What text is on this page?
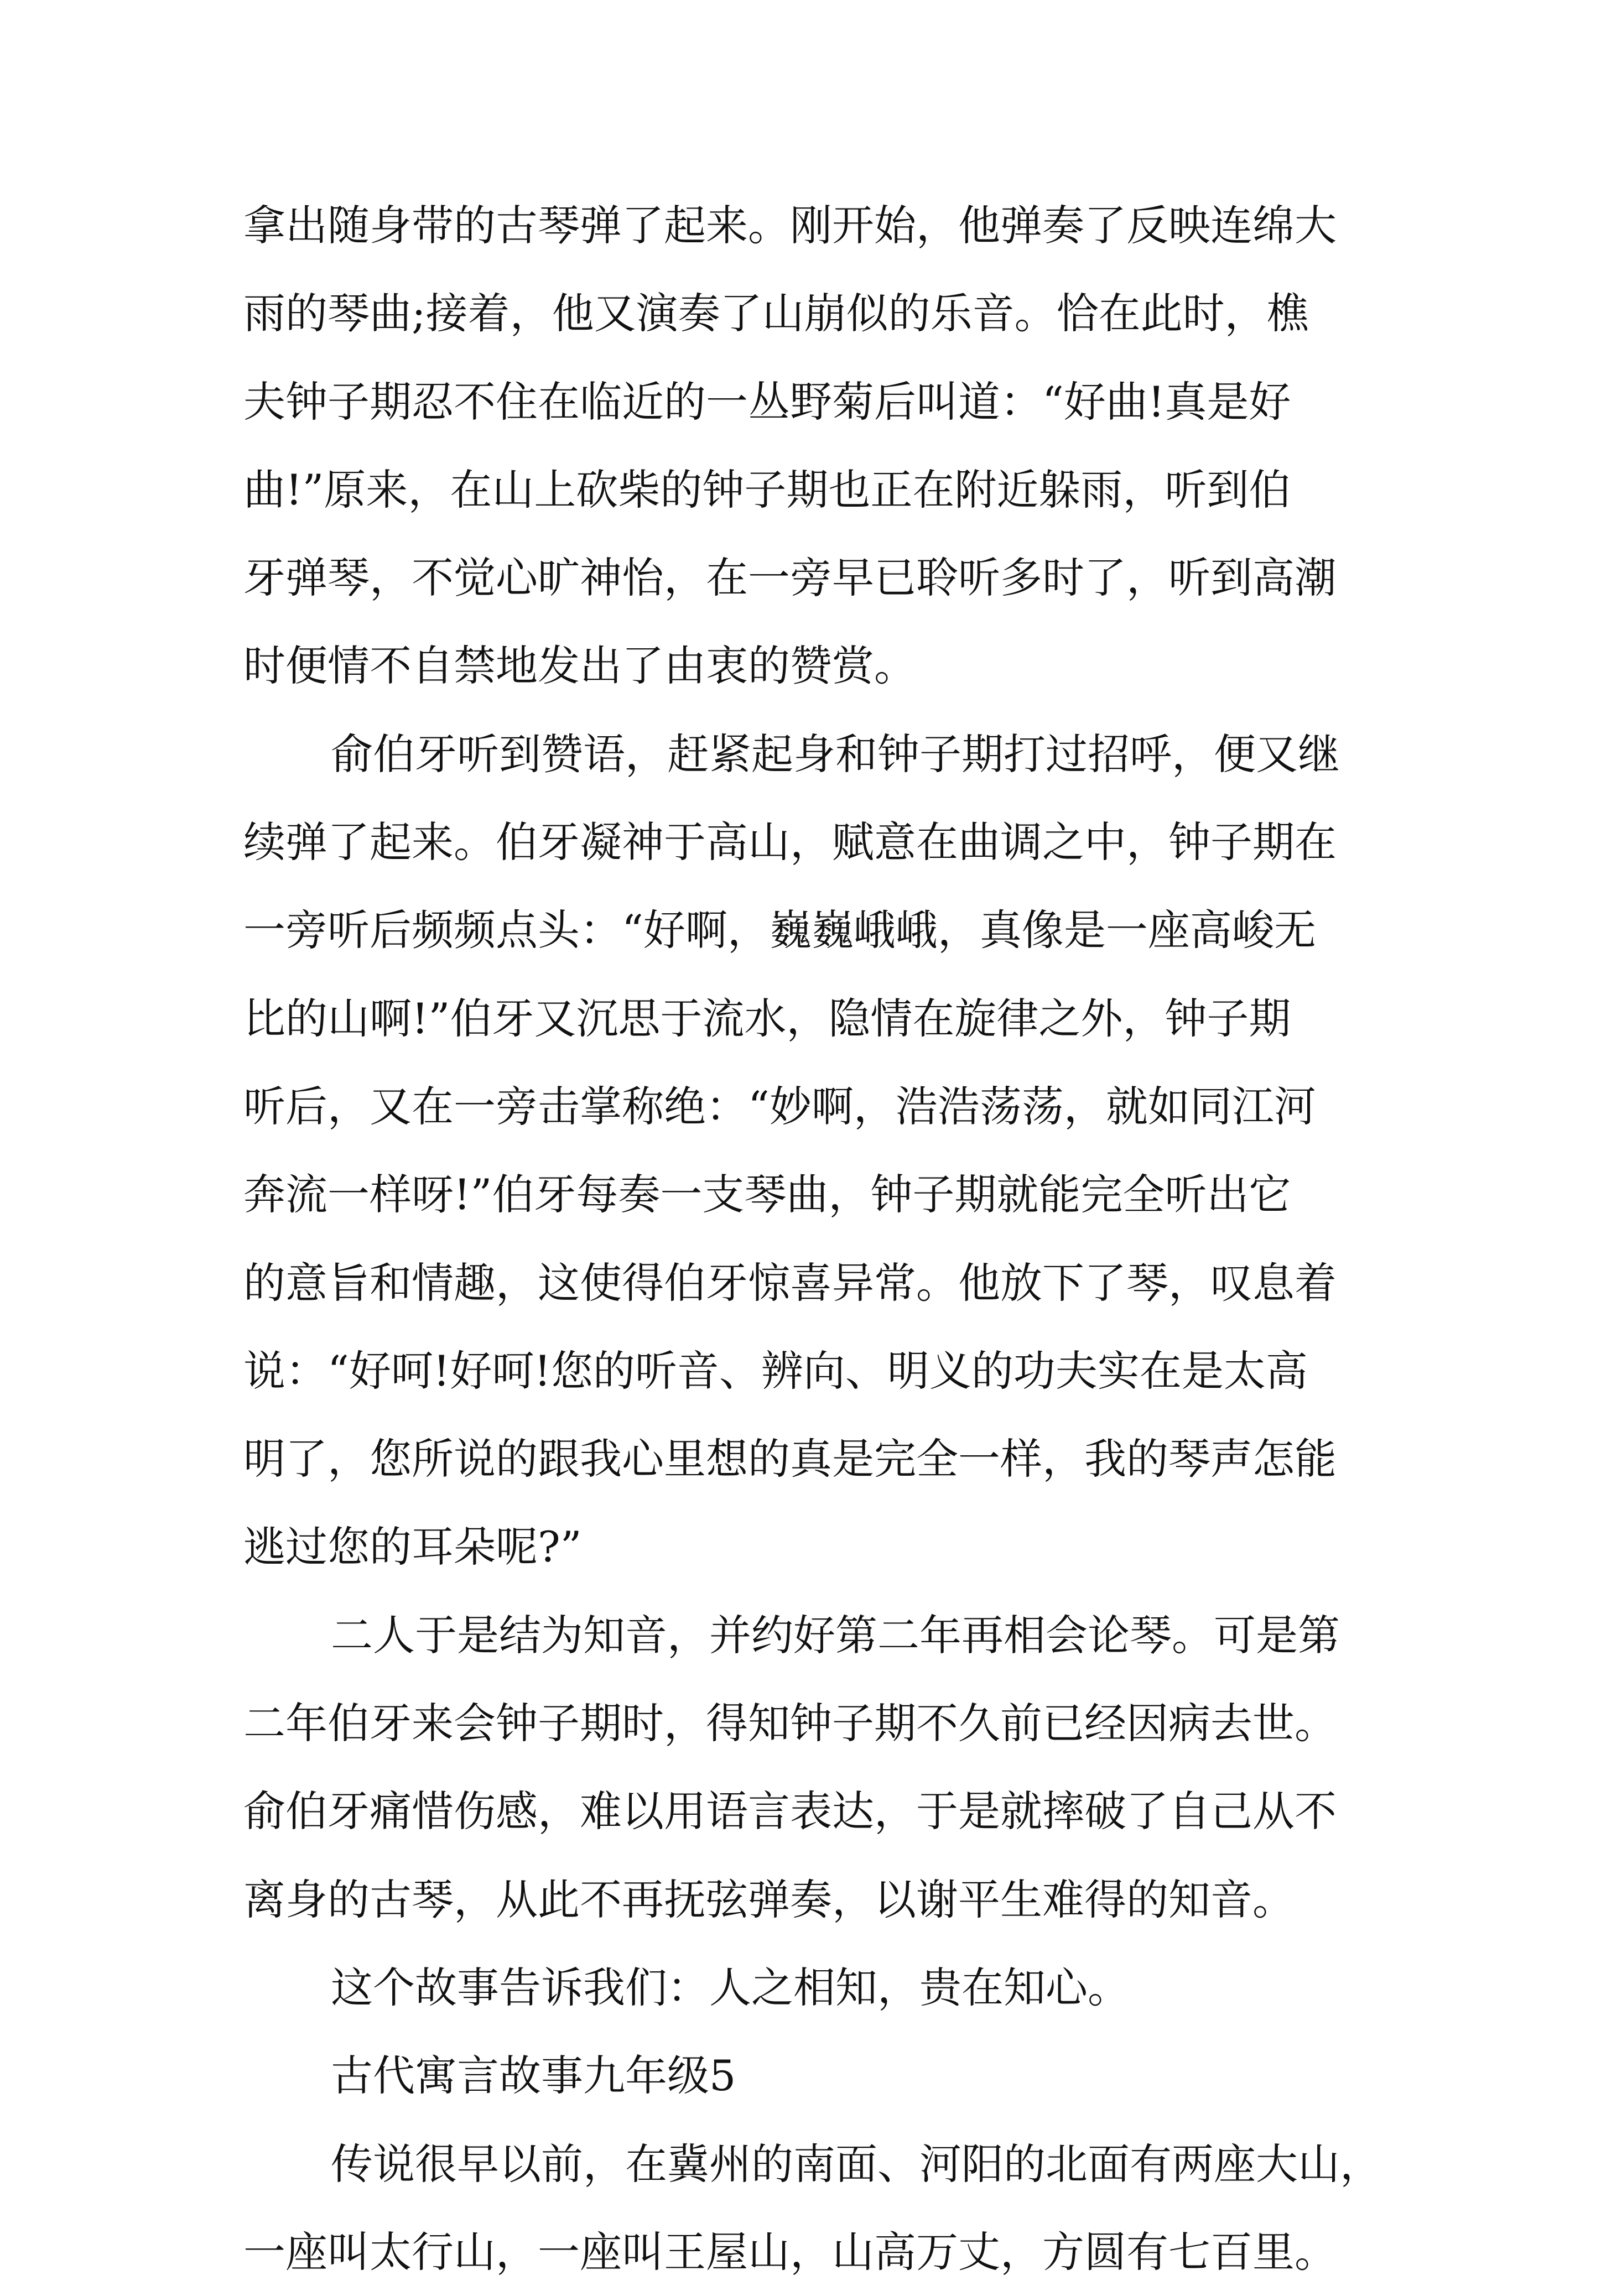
拿出随身带的古琴弹了起来。刚开始，他弹奏了反映连绵大
雨的琴曲;接着，他又演奏了山崩似的乐音。恰在此时，樵
夫钟子期忍不住在临近的一丛野菊后叫道：“好曲!真是好
曲!”原来，在山上砍柴的钟子期也正在附近躲雨，听到伯
牙弹琴，不觉心旷神怡，在一旁早已聆听多时了，听到高潮
时便情不自禁地发出了由衷的赞赏。
俞伯牙听到赞语，赶紧起身和钟子期打过招呼，便又继
续弹了起来。伯牙凝神于高山，赋意在曲调之中，钟子期在
一旁听后频频点头：“好啊，巍巍峨峨，真像是一座高峻无
比的山啊!”伯牙又沉思于流水，隐情在旋律之外，钟子期
听后，又在一旁击掌称绝：“妙啊，浩浩荡荡，就如同江河
奔流一样呀!”伯牙每奏一支琴曲，钟子期就能完全听出它
的意旨和情趣，这使得伯牙惊喜异常。他放下了琴，叹息着
说：“好呵!好呵!您的听音、辨向、明义的功夫实在是太高
明了，您所说的跟我心里想的真是完全一样，我的琴声怎能
逃过您的耳朵呢?”
二人于是结为知音，并约好第二年再相会论琴。可是第
二年伯牙来会钟子期时，得知钟子期不久前已经因病去世。
俞伯牙痛惜伤感，难以用语言表达，于是就摔破了自己从不
离身的古琴，从此不再抚弦弹奏，以谢平生难得的知音。
这个故事告诉我们：人之相知，贵在知心。
古代寓言故事九年级5
传说很早以前，在冀州的南面、河阳的北面有两座大山，
一座叫太行山，一座叫王屋山，山高万丈，方圆有七百里。
